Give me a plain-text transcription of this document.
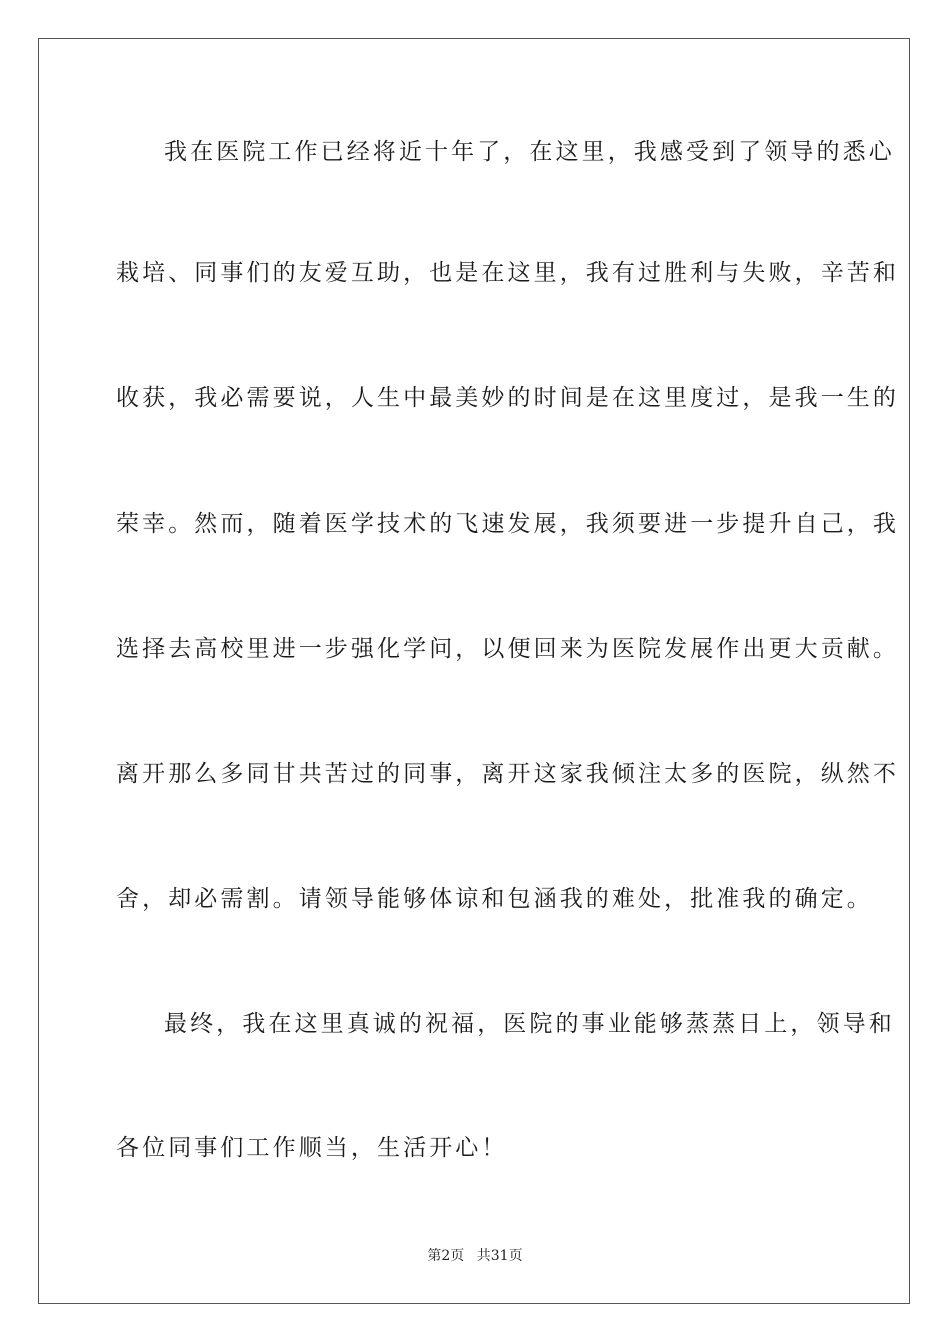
我在医院工作已经将近十年了，在这里，我感受到了领导的悉心
栽培、同事们的友爱互助，也是在这里，我有过胜利与失败，辛苦和
收获，我必需要说，人生中最美妙的时间是在这里度过，是我一生的
荣幸。然而，随着医学技术的飞速发展，我须要进一步提升自己，我
选择去高校里进一步强化学问，以便回来为医院发展作出更大贡献。
离开那么多同甘共苦过的同事，离开这家我倾注太多的医院，纵然不
舍，却必需割。请领导能够体谅和包涵我的难处，批准我的确定。
最终，我在这里真诚的祝福，医院的事业能够蒸蒸日上，领导和
各位同事们工作顺当，生活开心！
第2页 共31页
